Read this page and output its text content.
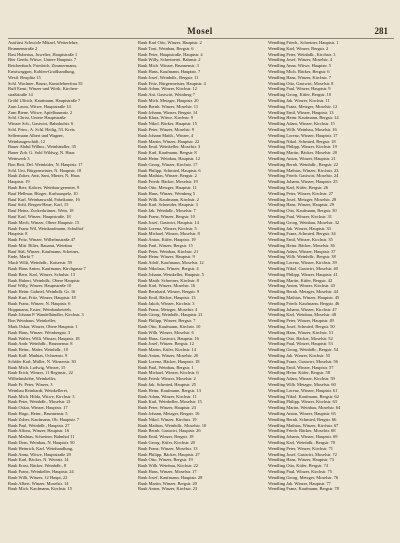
Mosel	281
Ausfürst Schwörle Mikael, Weiterlehre,
Brunnenstraße 2
Rast Hubertus, Juwelier, Hauptstraße 1
Bier Gerda, Witwe, Untere Hauptstr. 7
Reichenbach, Friedrich, Zimmermann,
Ernstwaggon, Kohlen-Großhandlung,
Westl. Beuplitz 15
Schl. Wachner, Bruno, Kunstlehrerfrau 55
Ruff Ernst, Winzer und Wirth, Kirchen-
straßstraße 14
Gröbl Ulfrich, Kaufmann, Hauptstraße 7
Zum Laura, Witwe, Hauptstraße 14
Zum Biene, Witwe, Apfelbaumstr. 2
Schl. Christ, Untere Hauptstraße
Winzer Sch., Gastwirt, Bahnhofstr. 6
Schl. Prim., A. Schl. Heilig, 53. Kreis
Sellermann Albert und Wagner,
Weinbaugeschäft, 12
Bauer Abdul Wilhm., Weinhändler, 35
Bauer Zoh. G. Sohl Wildwg, N. Haus
Weinwerk 3
Bon Bert, Del. Weinküfer, N. Hauptstr. 17
Schl. Uni, Bürgermeister, N. Hauptstr. 18
Rauh Zuker, Amt, Sant, Minter, N. Haus
Hauptstr. 19
Rauh Rerr, Kalwer, Weinbau-gerenter, 9
Rauf Hellmar, Bürger, Kurhauspelz, 10
Rauf Karl, Weinbauwald, Fabrikante, 16
Rauf Sohl, Bergen-Haue, Karl, 15
Rauf Heinz, Zuckerkrämer, Wein, 18
Rauf Karl, Winzer, Hauptstraße, 18
Rauh Mech, Winzer, Obere Hauptstr. 15
Rauh Franz Wil, Weinkaufmann, Schulhof
Hauptstr. 8
Rauh Fritz, Winzer, Wilhelmstraße 47
Rauh Mitt. Bilter, Bauamt, Weinbau
Rauf Süß, Winzer, Kaufmann, Scheines,
Ende, Markt 7
Mach Willi, Weinhdlr., Kaiserstr. 59
Rauh Hans Anton, Kaufmann, Kirchgasse 7
Rauh Bern. Karl, Winzer, Schulstr. 13
Rauh Hubert, Weinhdlr., Obere Hauptstr.
Rauf Willy, Winzer, Hauptstraße 10
Rauh Heinr. Gabriel, Weinhdlr. Gr. 16
Rauh Kurt, Fritz, Winzer, Hauptstr. 18
Rauh Franz, Winzer, N. Hauptstr. 6
Hoppmann, Erster, Weinbaubetrieb,
Rauh Johann P. Wandelhändler, Kirchstr. 3
Bon Weinhaus, Weinkeller,
Mark Oskar, Winzer, Obere Hauptstr. 1
Rauh Hans, Winzer, Weinbergstr. 3
Rauh Walter, Willi, Winzer, Hauptstr. 18
Rauh Andr. Weinhdlr., Brunnenstr. 8
Rauh Heinr., Maler, Weinhdlr., 10
Rauh Kaff. Mathias, Ochsenstr. 9
Schäfer Karl, Müller, N. Winzerstr. 30
Rauh Mich. Ludwig, Winzer, 15
Rauh Erich, Winzer, 11 Reginstr., 22
Wilhelmshöhe, Weinkeller,
Rauh Fr. Peter, Winzer, 3
Weinbau Reinhardt, Weinkellerei,
Rauh Mich. Hilda, Witwe, Kirchstr. 3
Rauh Peter, Weinhdlr., Moselstr. 21
Rauh Oskar, Winzer, Hauptstr. 17
Rauh Hugo, Heinr., Brunnenstr. 5
Rauh Zuber, Kaufmann, Ob. Hauptstr. 7
Rauh Paul, Weinhdlr., Hauptstr. 27
Rauh Alfons, Winzer, Hauptstr. 16
Rauh Mathias, Schreiner, Bahnhof 11
Rauh Dom, Weinbau, N. Hauptstr. 50
Rauh Heinrich, Karl, Weinhandlung,
Rauh Anna, Witwe, Hauptstraße 20
Rauh Karl, Bäcker, N. Weinstr. 14
Rauh Ernst, Bäcker, Weinhdlr., 8
Rauh Franz, Weinkeller, Hauptstr. 24
Rauh Willi, Winzer, 12 Haupt, 22
Rauh Albert, Winzer, Moselstr. 14
Rauh Mich. Kaufmann, Kirchstr. 15
Rauh Karl Otto, Winzer, Hauptstr. 2
Rauh Toni, Weinbau, Bergstr. 6
Rauh Peter, Hauptstraße, Hauptstr. 4
Rauh Willy, Schreinerei, Bahnstr. 2
Rauh Mich. Winzer, Brunnenstr. 3
Rauh Hans, Kaufmann, Hauptstr. 7
Rauh Josef, Weinhdlr., Bergstr. 11
Rauh Fritz, Bürgermeister, Hauptstr. 4
Rauh Adam, Winzer, Kirchstr. 12
Rauh Ant. Gastwirt, Weinberg 7
Rauh Mich. Metzger, Hauptstr. 20
Rauh Bernh. Winzer, Moselstr. 11
Rauh Johann, Winzer, Bergstr. 14
Rauh Klara, Witwe, Kirchstr. 9
Rauh Nikol. Bäcker, Hauptstr. 15
Rauh Peter, Winzer, Moselstr. 9
Rauh Johann Matth., Winzer, 4
Rauh Martin, Winzer, Hauptstr. 22
Rauh Emil, Weinkeller, Moselstr. 3
Rauh Karl, Kaufmann, Bergstr. 8
Rauh Heinr. Weinbau, Hauptstr. 12
Rauh Georg, Winzer, Kirchstr. 17
Rauh Philipp, Schmied, Hauptstr. 6
Rauh Mathias, Winzer, Bergstr. 2
Rauh Friedr. Bäcker, Moselstr. 19
Rauh Otto, Metzger, Hauptstr. 11
Rauh Hans, Winzer, Weinberg 5
Rauh Wilh. Kaufmann, Kirchstr. 2
Rauh Karl, Schneider, Hauptstr. 3
Rauh Jak. Weinhdlr., Moselstr. 7
Rauh Franz, Winzer, Bergstr. 10
Rauh Josef, Gastwirt, Hauptstr. 14
Rauh Lorenz, Winzer, Kirchstr. 5
Rauh Michael, Winzer, Moselstr. 8
Rauh Anton, Küfer, Hauptstr. 19
Rauh Paul, Winzer, Bergstr. 15
Rauh Peter, Weinbau, Kirchstr. 21
Rauh Heinr. Winzer, Hauptstr. 9
Rauh Adolf, Kaufmann, Moselstr. 12
Rauh Nikolaus, Winzer, Bergstr. 4
Rauh Johann, Weinkeller, Hauptstr. 5
Rauh Matth. Schreiner, Kirchstr. 8
Rauh Karl, Winzer, Moselstr. 16
Rauh Bernhard, Winzer, Bergstr. 9
Rauh Emil, Bäcker, Hauptstr. 13
Rauh Jakob, Winzer, Kirchstr. 3
Rauh Franz, Metzger, Moselstr. 4
Rauh Georg, Weinhdlr., Hauptstr. 21
Rauh Philipp, Winzer, Bergstr. 7
Rauh Otto, Kaufmann, Kirchstr. 10
Rauh Wilh. Winzer, Moselstr. 6
Rauh Hans, Gastwirt, Hauptstr. 16
Rauh Josef, Winzer, Bergstr. 12
Rauh Martin, Küfer, Kirchstr. 14
Rauh Anton, Winzer, Moselstr. 20
Rauh Lorenz, Bäcker, Hauptstr. 18
Rauh Paul, Weinbau, Bergstr. 1
Rauh Michael, Winzer, Kirchstr. 6
Rauh Friedr. Winzer, Moselstr. 2
Rauh Jak. Schmied, Hauptstr. 25
Rauh Heinr. Kaufmann, Bergstr. 13
Rauh Adam, Winzer, Kirchstr. 11
Rauh Karl, Weinkeller, Moselstr. 15
Rauh Peter, Winzer, Hauptstr. 23
Rauh Johann, Metzger, Bergstr. 16
Rauh Nikol. Winzer, Kirchstr. 19
Rauh Mathias, Weinhdlr., Moselstr. 10
Rauh Bernh. Gastwirt, Hauptstr. 26
Rauh Emil, Winzer, Bergstr. 18
Rauh Georg, Küfer, Kirchstr. 20
Rauh Franz, Winzer, Moselstr. 13
Rauh Philipp, Bäcker, Hauptstr. 27
Rauh Otto, Winzer, Bergstr. 19
Rauh Wilh. Weinbau, Kirchstr. 22
Rauh Hans, Winzer, Moselstr. 17
Rauh Josef, Kaufmann, Hauptstr. 28
Rauh Martin, Winzer, Bergstr. 20
Rauh Anton, Winzer, Kirchstr. 23
Wendling Friedr., Schreiner, Hauptstr. 1
Wendling Karl, Winzer, Bergstr. 2
Wendling Peter, Weinhdlr., Kirchstr. 3
Wendling Josef, Winzer, Moselstr. 4
Wendling Anna, Witwe, Hauptstr. 5
Wendling Mich. Bäcker, Bergstr. 6
Wendling Hans, Winzer, Kirchstr. 7
Wendling Otto, Gastwirt, Moselstr. 8
Wendling Paul, Winzer, Hauptstr. 9
Wendling Georg, Küfer, Bergstr. 10
Wendling Jak. Winzer, Kirchstr. 11
Wendling Franz, Metzger, Moselstr. 12
Wendling Emil, Winzer, Hauptstr. 13
Wendling Heinr. Kaufmann, Bergstr. 14
Wendling Adam, Winzer, Kirchstr. 15
Wendling Wilh. Weinbau, Moselstr. 16
Wendling Lorenz, Winzer, Hauptstr. 17
Wendling Nikol. Schmied, Bergstr. 18
Wendling Philipp, Winzer, Kirchstr. 19
Wendling Martin, Bäcker, Moselstr. 20
Wendling Anton, Winzer, Hauptstr. 21
Wendling Bernh. Weinhdlr., Bergstr. 22
Wendling Mathias, Winzer, Kirchstr. 23
Wendling Friedr. Gastwirt, Moselstr. 24
Wendling Johann, Winzer, Hauptstr. 25
Wendling Karl, Küfer, Bergstr. 26
Wendling Peter, Winzer, Kirchstr. 27
Wendling Josef, Metzger, Moselstr. 28
Wendling Hans, Winzer, Hauptstr. 29
Wendling Otto, Kaufmann, Bergstr. 30
Wendling Paul, Winzer, Kirchstr. 31
Wendling Georg, Weinbau, Moselstr. 32
Wendling Jak. Winzer, Hauptstr. 33
Wendling Franz, Schmied, Bergstr. 34
Wendling Emil, Winzer, Kirchstr. 35
Wendling Heinr. Bäcker, Moselstr. 36
Wendling Adam, Winzer, Hauptstr. 37
Wendling Wilh. Weinhdlr., Bergstr. 38
Wendling Lorenz, Winzer, Kirchstr. 39
Wendling Nikol. Gastwirt, Moselstr. 40
Wendling Philipp, Winzer, Hauptstr. 41
Wendling Martin, Küfer, Bergstr. 42
Wendling Anton, Winzer, Kirchstr. 43
Wendling Bernh. Metzger, Moselstr. 44
Wendling Mathias, Winzer, Hauptstr. 45
Wendling Friedr. Kaufmann, Bergstr. 46
Wendling Johann, Winzer, Kirchstr. 47
Wendling Karl, Weinbau, Moselstr. 48
Wendling Peter, Winzer, Hauptstr. 49
Wendling Josef, Schmied, Bergstr. 50
Wendling Hans, Winzer, Kirchstr. 51
Wendling Otto, Bäcker, Moselstr. 52
Wendling Paul, Winzer, Hauptstr. 53
Wendling Georg, Weinhdlr., Bergstr. 54
Wendling Jak. Winzer, Kirchstr. 55
Wendling Franz, Gastwirt, Moselstr. 56
Wendling Emil, Winzer, Hauptstr. 57
Wendling Heinr. Küfer, Bergstr. 58
Wendling Adam, Winzer, Kirchstr. 59
Wendling Wilh. Metzger, Moselstr. 60
Wendling Lorenz, Winzer, Hauptstr. 61
Wendling Nikol. Kaufmann, Bergstr. 62
Wendling Philipp, Winzer, Kirchstr. 63
Wendling Martin, Weinbau, Moselstr. 64
Wendling Anton, Winzer, Hauptstr. 65
Wendling Bernh. Schmied, Bergstr. 66
Wendling Mathias, Winzer, Kirchstr. 67
Wendling Friedr. Bäcker, Moselstr. 68
Wendling Johann, Winzer, Hauptstr. 69
Wendling Karl, Weinhdlr., Bergstr. 70
Wendling Peter, Winzer, Kirchstr. 71
Wendling Josef, Gastwirt, Moselstr. 72
Wendling Hans, Winzer, Hauptstr. 73
Wendling Otto, Küfer, Bergstr. 74
Wendling Paul, Winzer, Kirchstr. 75
Wendling Georg, Metzger, Moselstr. 76
Wendling Jak. Winzer, Hauptstr. 77
Wendling Franz, Kaufmann, Bergstr. 78
